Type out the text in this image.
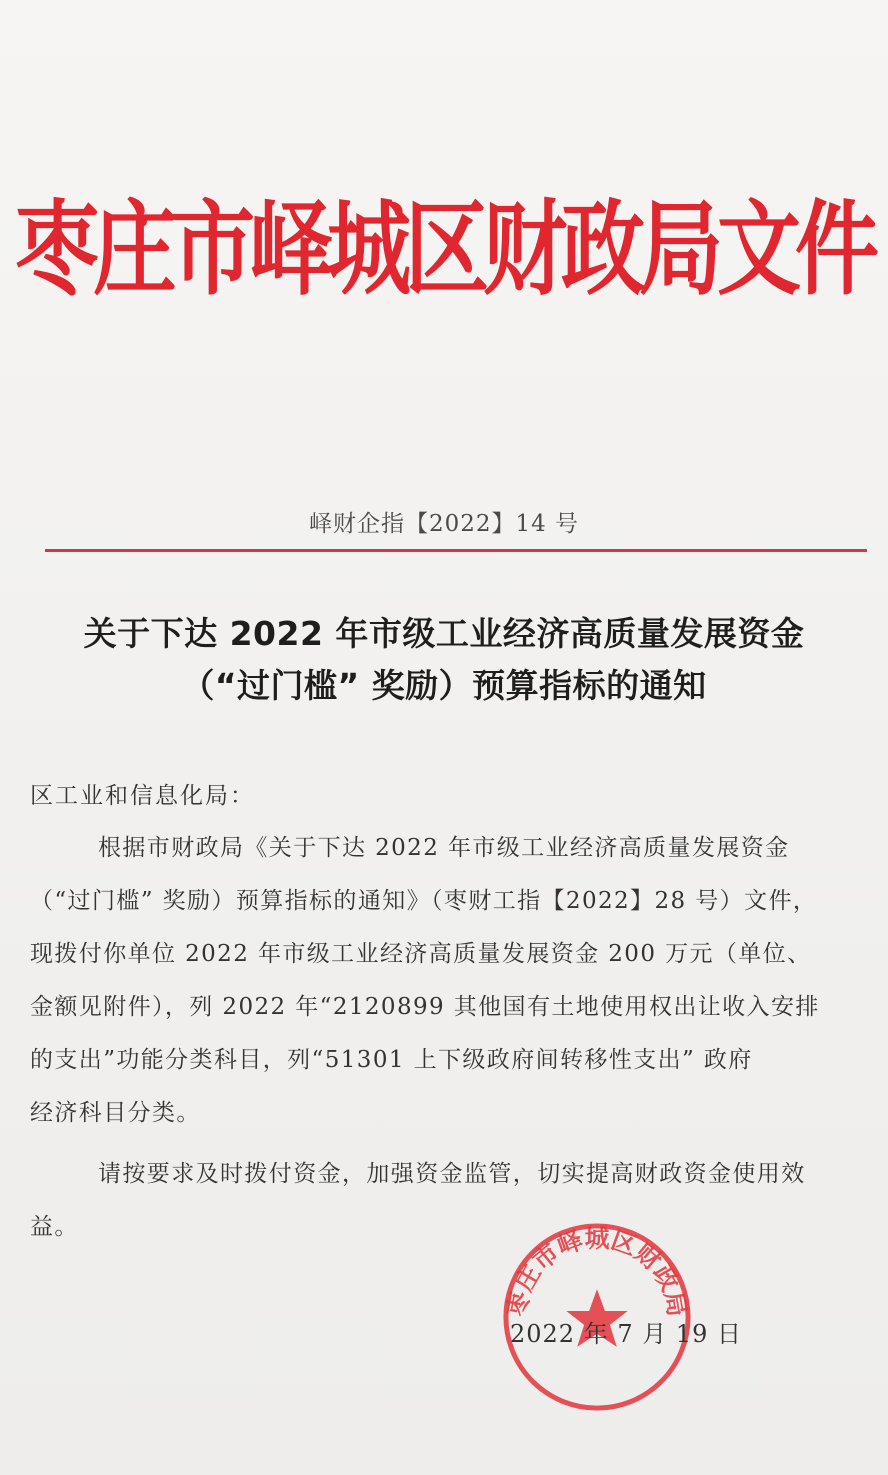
枣庄市峄城区财政局文件
峄财企指【2022】14 号
关于下达 2022 年市级工业经济高质量发展资金
（“过门槛” 奖励）预算指标的通知
区工业和信息化局：
根据市财政局《关于下达 2022 年市级工业经济高质量发展资金
（“过门槛” 奖励）预算指标的通知》（枣财工指【2022】28 号）文件，
现拨付你单位 2022 年市级工业经济高质量发展资金 200 万元（单位、
金额见附件），列 2022 年“2120899 其他国有土地使用权出让收入安排
的支出”功能分类科目，列“51301 上下级政府间转移性支出” 政府
经济科目分类。
请按要求及时拨付资金，加强资金监管，切实提高财政资金使用效
益。
枣庄市峄城区财政局
2022 年 7 月 19 日
